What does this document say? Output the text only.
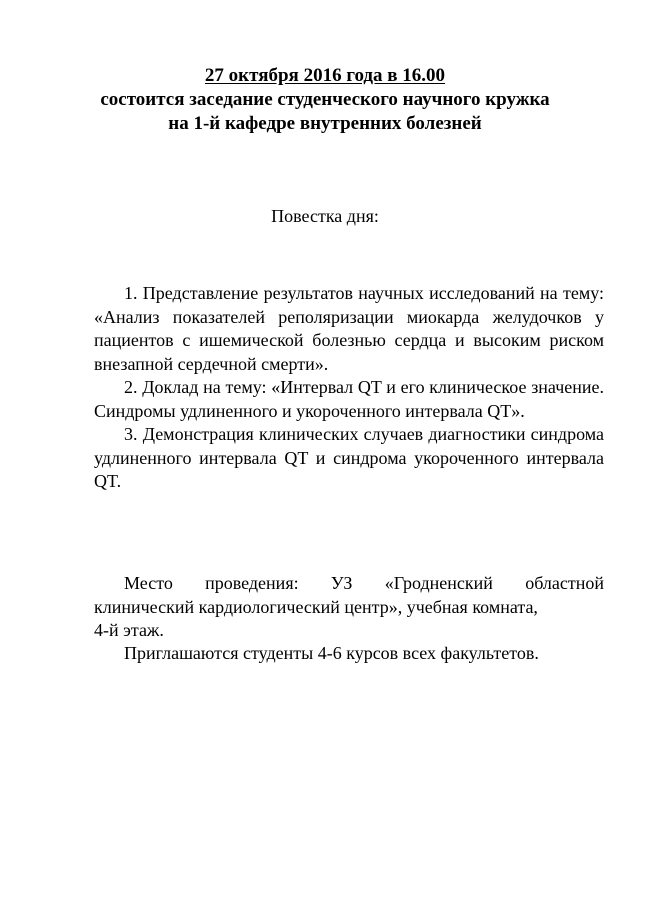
27 октября 2016 года в 16.00
состоится заседание студенческого научного кружка
на 1-й кафедре внутренних болезней
Повестка дня:

1. Представление результатов научных исследований на тему: «Анализ показателей реполяризации миокарда желудочков у пациентов с ишемической болезнью сердца и высоким риском внезапной сердечной смерти».

2. Доклад на тему: «Интервал QT и его клиническое значение. Синдромы удлиненного и укороченного интервала QT».

3. Демонстрация клинических случаев диагностики синдрома удлиненного интервала QT и синдрома укороченного интервала QT.

Место проведения: УЗ «Гродненский областной
клинический кардиологический центр», учебная комната,
4-й этаж.
Приглашаются студенты 4-6 курсов всех факультетов.
